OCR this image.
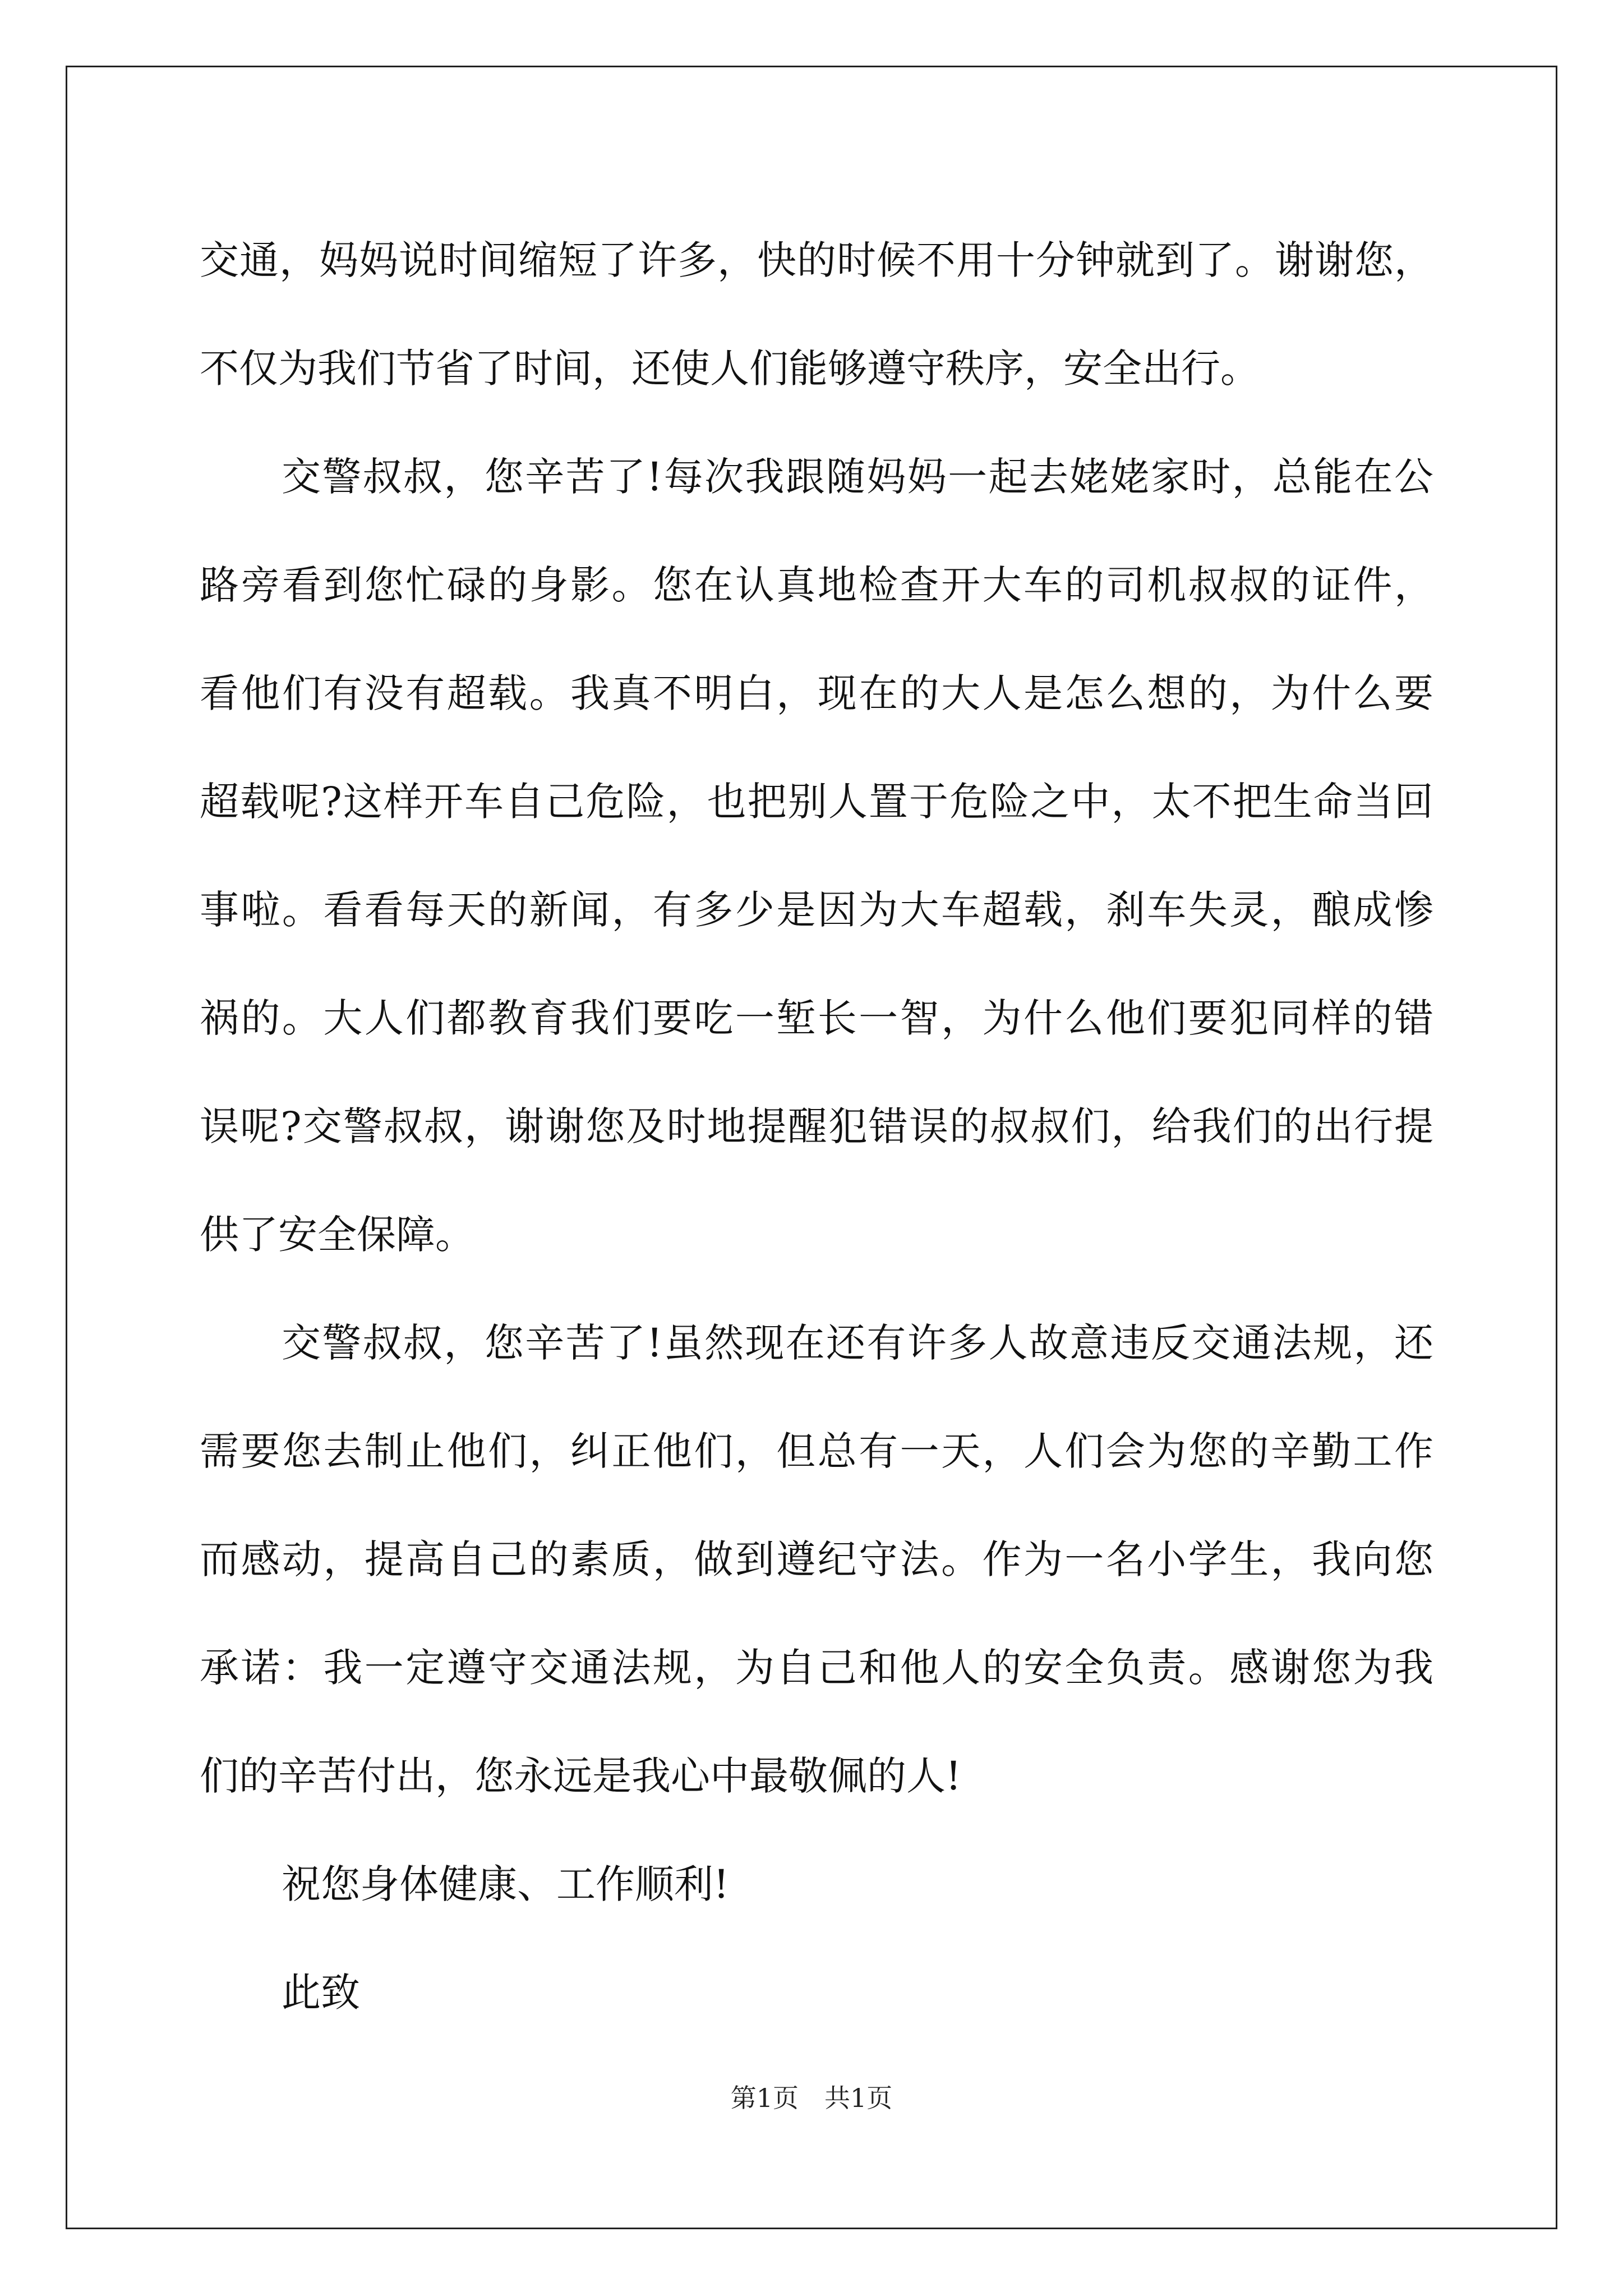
交通，妈妈说时间缩短了许多，快的时候不用十分钟就到了。谢谢您，

不仅为我们节省了时间，还使人们能够遵守秩序，安全出行。

交警叔叔，您辛苦了!每次我跟随妈妈一起去姥姥家时，总能在公

路旁看到您忙碌的身影。您在认真地检查开大车的司机叔叔的证件，

看他们有没有超载。我真不明白，现在的大人是怎么想的，为什么要

超载呢?这样开车自己危险，也把别人置于危险之中，太不把生命当回

事啦。看看每天的新闻，有多少是因为大车超载，刹车失灵，酿成惨

祸的。大人们都教育我们要吃一堑长一智，为什么他们要犯同样的错

误呢?交警叔叔，谢谢您及时地提醒犯错误的叔叔们，给我们的出行提

供了安全保障。

交警叔叔，您辛苦了!虽然现在还有许多人故意违反交通法规，还

需要您去制止他们，纠正他们，但总有一天，人们会为您的辛勤工作

而感动，提高自己的素质，做到遵纪守法。作为一名小学生，我向您

承诺：我一定遵守交通法规，为自己和他人的安全负责。感谢您为我

们的辛苦付出，您永远是我心中最敬佩的人!

祝您身体健康、工作顺利!

此致

第1页 共1页
